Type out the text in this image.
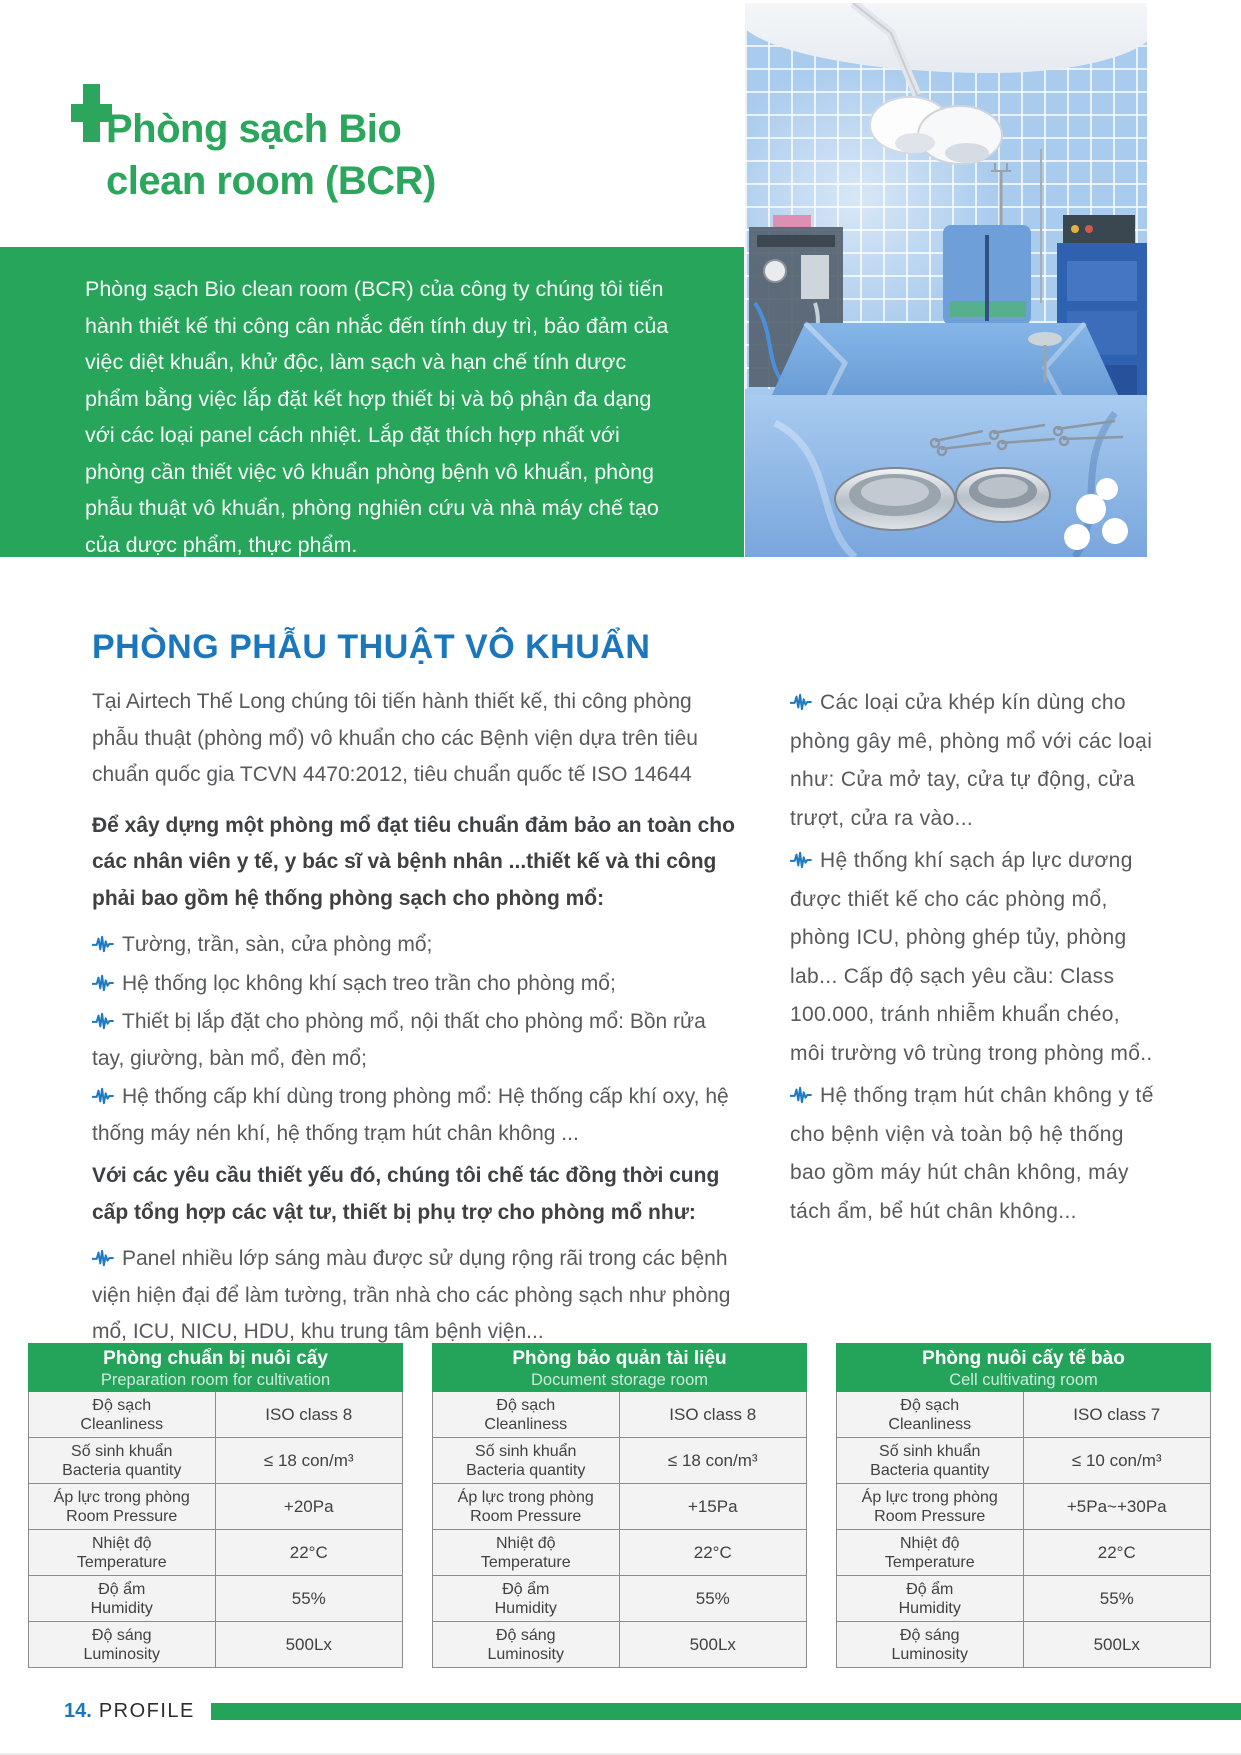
Phòng sạch Bio
clean room (BCR)

Phòng sạch Bio clean room (BCR) của công ty chúng tôi tiến hành thiết kế thi công cân nhắc đến tính duy trì, bảo đảm của việc diệt khuẩn, khử độc, làm sạch và hạn chế tính dược phẩm bằng việc lắp đặt kết hợp thiết bị và bộ phận đa dạng với các loại panel cách nhiệt. Lắp đặt thích hợp nhất với phòng cần thiết việc vô khuẩn phòng bệnh vô khuẩn, phòng phẫu thuật vô khuẩn, phòng nghiên cứu và nhà máy chế tạo của dược phẩm, thực phẩm.

PHÒNG PHẪU THUẬT VÔ KHUẨN

Tại Airtech Thế Long chúng tôi tiến hành thiết kế, thi công phòng phẫu thuật (phòng mổ) vô khuẩn cho các Bệnh viện dựa trên tiêu chuẩn quốc gia TCVN 4470:2012, tiêu chuẩn quốc tế ISO 14644

Để xây dựng một phòng mổ đạt tiêu chuẩn đảm bảo an toàn cho các nhân viên y tế, y bác sĩ và bệnh nhân ...thiết kế và thi công phải bao gồm hệ thống phòng sạch cho phòng mổ:

Tường, trần, sàn, cửa phòng mổ;

Hệ thống lọc không khí sạch treo trần cho phòng mổ;

Thiết bị lắp đặt cho phòng mổ, nội thất cho phòng mổ: Bồn rửa tay, giường, bàn mổ, đèn mổ;

Hệ thống cấp khí dùng trong phòng mổ: Hệ thống cấp khí oxy, hệ thống máy nén khí, hệ thống trạm hút chân không ...

Với các yêu cầu thiết yếu đó, chúng tôi chế tác đồng thời cung cấp tổng hợp các vật tư, thiết bị phụ trợ cho phòng mổ như:

Panel nhiều lớp sáng màu được sử dụng rộng rãi trong các bệnh viện hiện đại để làm tường, trần nhà cho các phòng sạch như phòng mổ, ICU, NICU, HDU, khu trung tâm bệnh viện...

Các loại cửa khép kín dùng cho phòng gây mê, phòng mổ với các loại như: Cửa mở tay, cửa tự động, cửa trượt, cửa ra vào...

Hệ thống khí sạch áp lực dương được thiết kế cho các phòng mổ, phòng ICU, phòng ghép tủy, phòng lab... Cấp độ sạch yêu cầu: Class 100.000, tránh nhiễm khuẩn chéo, môi trường vô trùng trong phòng mổ..

Hệ thống trạm hút chân không y tế cho bệnh viện và toàn bộ hệ thống bao gồm máy hút chân không, máy tách ẩm, bể hút chân không...

Phòng chuẩn bị nuôi cấy
Preparation room for cultivation
Độ sạch
Cleanliness
ISO class 8
Số sinh khuẩn
Bacteria quantity
≤ 18 con/m³
Áp lực trong phòng
Room Pressure
+20Pa
Nhiệt độ
Temperature
22°C
Độ ẩm
Humidity
55%
Độ sáng
Luminosity
500Lx
Phòng bảo quản tài liệu
Document storage room
Độ sạch
Cleanliness
ISO class 8
Số sinh khuẩn
Bacteria quantity
≤ 18 con/m³
Áp lực trong phòng
Room Pressure
+15Pa
Nhiệt độ
Temperature
22°C
Độ ẩm
Humidity
55%
Độ sáng
Luminosity
500Lx
Phòng nuôi cấy tế bào
Cell cultivating room
Độ sạch
Cleanliness
ISO class 7
Số sinh khuẩn
Bacteria quantity
≤ 10 con/m³
Áp lực trong phòng
Room Pressure
+5Pa~+30Pa
Nhiệt độ
Temperature
22°C
Độ ẩm
Humidity
55%
Độ sáng
Luminosity
500Lx
14. PROFILE
